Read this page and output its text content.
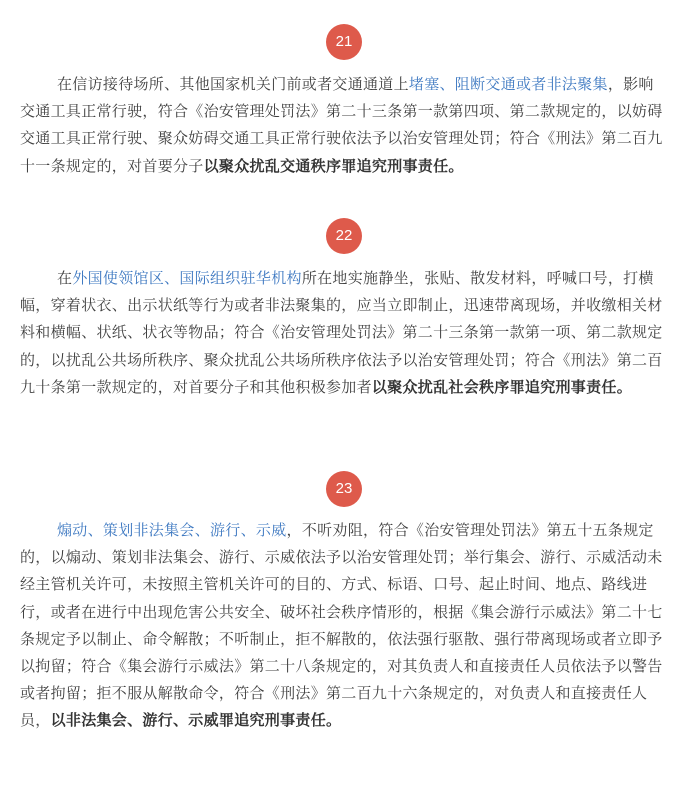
21

在信访接待场所、其他国家机关门前或者交通通道上堵塞、阻断交通或者非法聚集，影响交通工具正常行驶，符合《治安管理处罚法》第二十三条第一款第四项、第二款规定的，以妨碍交通工具正常行驶、聚众妨碍交通工具正常行驶依法予以治安管理处罚；符合《刑法》第二百九十一条规定的，对首要分子以聚众扰乱交通秩序罪追究刑事责任。

22

在外国使领馆区、国际组织驻华机构所在地实施静坐，张贴、散发材料，呼喊口号，打横幅，穿着状衣、出示状纸等行为或者非法聚集的，应当立即制止，迅速带离现场，并收缴相关材料和横幅、状纸、状衣等物品；符合《治安管理处罚法》第二十三条第一款第一项、第二款规定的，以扰乱公共场所秩序、聚众扰乱公共场所秩序依法予以治安管理处罚；符合《刑法》第二百九十条第一款规定的，对首要分子和其他积极参加者以聚众扰乱社会秩序罪追究刑事责任。

23

煽动、策划非法集会、游行、示威，不听劝阻，符合《治安管理处罚法》第五十五条规定的，以煽动、策划非法集会、游行、示威依法予以治安管理处罚；举行集会、游行、示威活动未经主管机关许可，未按照主管机关许可的目的、方式、标语、口号、起止时间、地点、路线进行，或者在进行中出现危害公共安全、破坏社会秩序情形的，根据《集会游行示威法》第二十七条规定予以制止、命令解散；不听制止，拒不解散的，依法强行驱散、强行带离现场或者立即予以拘留；符合《集会游行示威法》第二十八条规定的，对其负责人和直接责任人员依法予以警告或者拘留；拒不服从解散命令，符合《刑法》第二百九十六条规定的，对负责人和直接责任人员，以非法集会、游行、示威罪追究刑事责任。
